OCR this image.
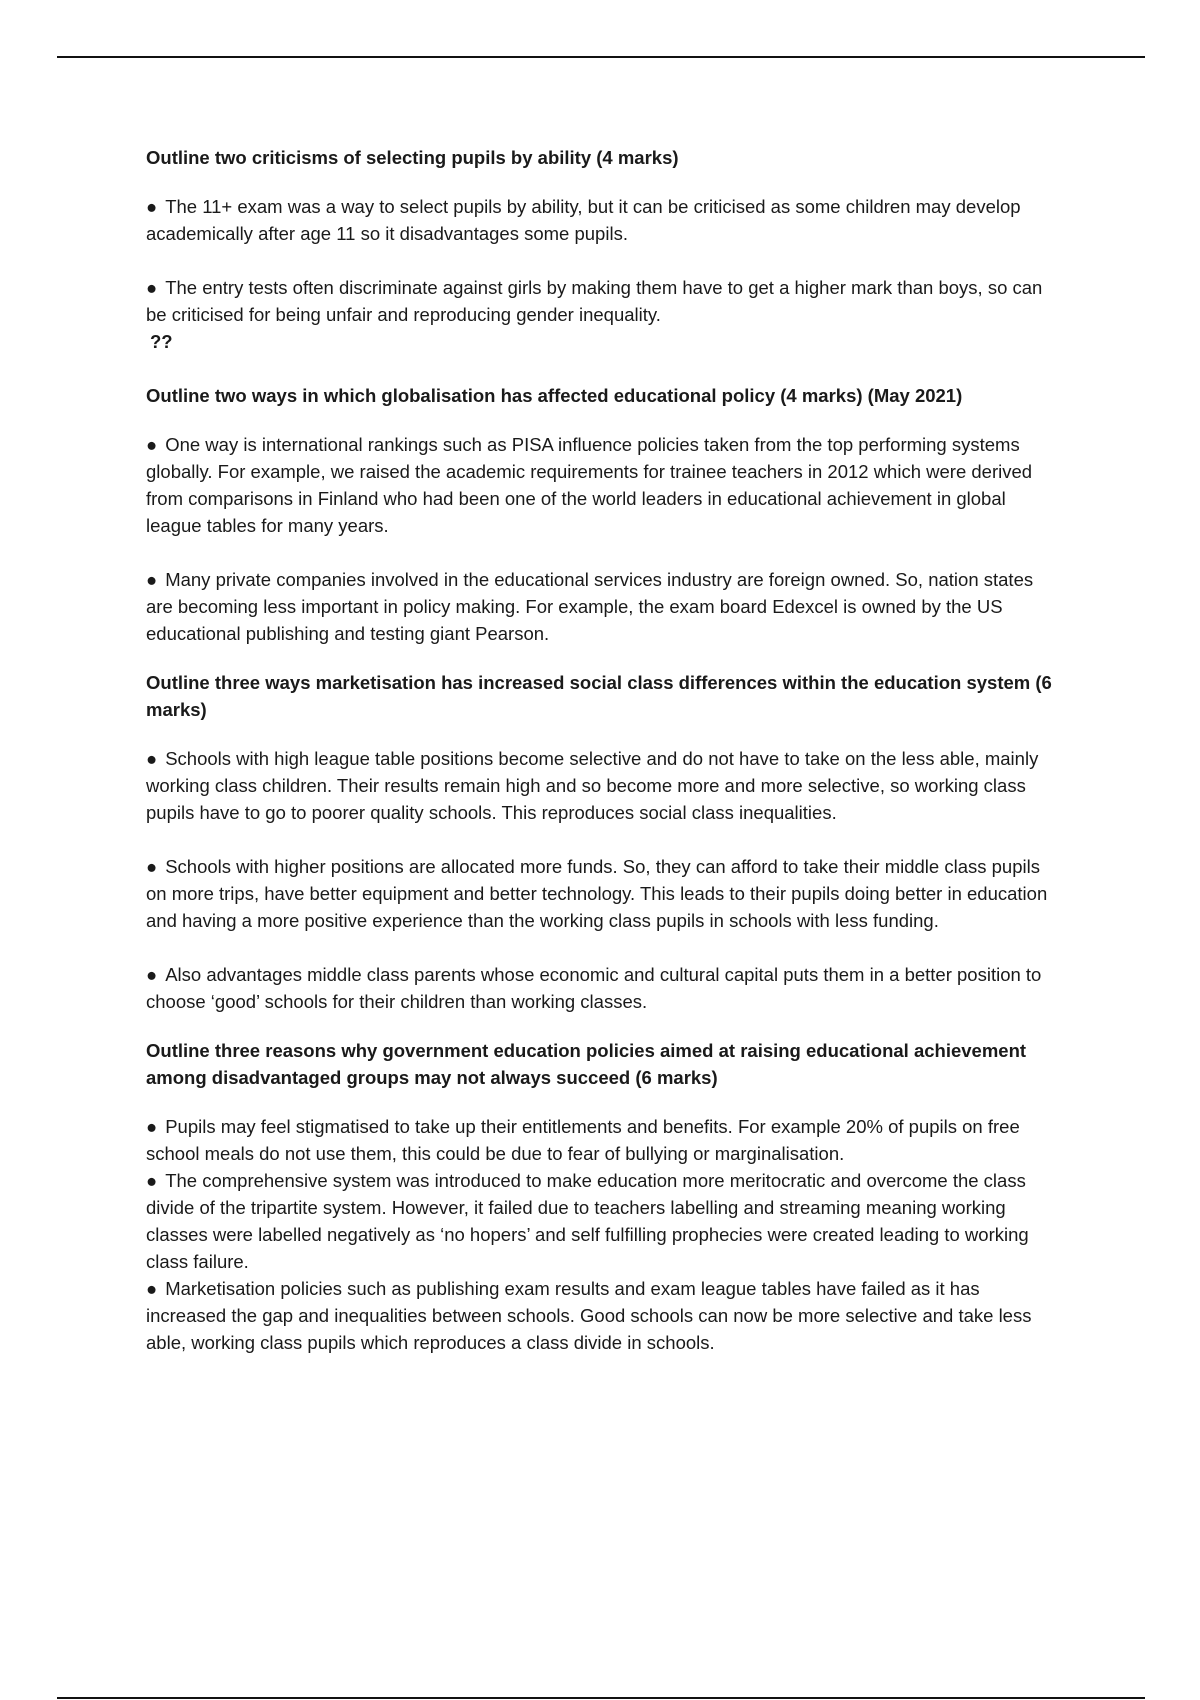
Outline two criticisms of selecting pupils by ability (4 marks)
● The 11+ exam was a way to select pupils by ability, but it can be criticised as some children may develop academically after age 11 so it disadvantages some pupils.
● The entry tests often discriminate against girls by making them have to get a higher mark than boys, so can be criticised for being unfair and reproducing gender inequality.
??
Outline two ways in which globalisation has affected educational policy (4 marks) (May 2021)
● One way is international rankings such as PISA influence policies taken from the top performing systems globally. For example, we raised the academic requirements for trainee teachers in 2012 which were derived from comparisons in Finland who had been one of the world leaders in educational achievement in global league tables for many years.
● Many private companies involved in the educational services industry are foreign owned. So, nation states are becoming less important in policy making. For example, the exam board Edexcel is owned by the US educational publishing and testing giant Pearson.
Outline three ways marketisation has increased social class differences within the education system (6 marks)
● Schools with high league table positions become selective and do not have to take on the less able, mainly working class children. Their results remain high and so become more and more selective, so working class pupils have to go to poorer quality schools. This reproduces social class inequalities.
● Schools with higher positions are allocated more funds. So, they can afford to take their middle class pupils on more trips, have better equipment and better technology. This leads to their pupils doing better in education and having a more positive experience than the working class pupils in schools with less funding.
● Also advantages middle class parents whose economic and cultural capital puts them in a better position to choose ‘good’ schools for their children than working classes.
Outline three reasons why government education policies aimed at raising educational achievement among disadvantaged groups may not always succeed (6 marks)
● Pupils may feel stigmatised to take up their entitlements and benefits. For example 20% of pupils on free school meals do not use them, this could be due to fear of bullying or marginalisation.
● The comprehensive system was introduced to make education more meritocratic and overcome the class divide of the tripartite system. However, it failed due to teachers labelling and streaming meaning working classes were labelled negatively as ‘no hopers’ and self fulfilling prophecies were created leading to working class failure.
● Marketisation policies such as publishing exam results and exam league tables have failed as it has increased the gap and inequalities between schools. Good schools can now be more selective and take less able, working class pupils which reproduces a class divide in schools.
